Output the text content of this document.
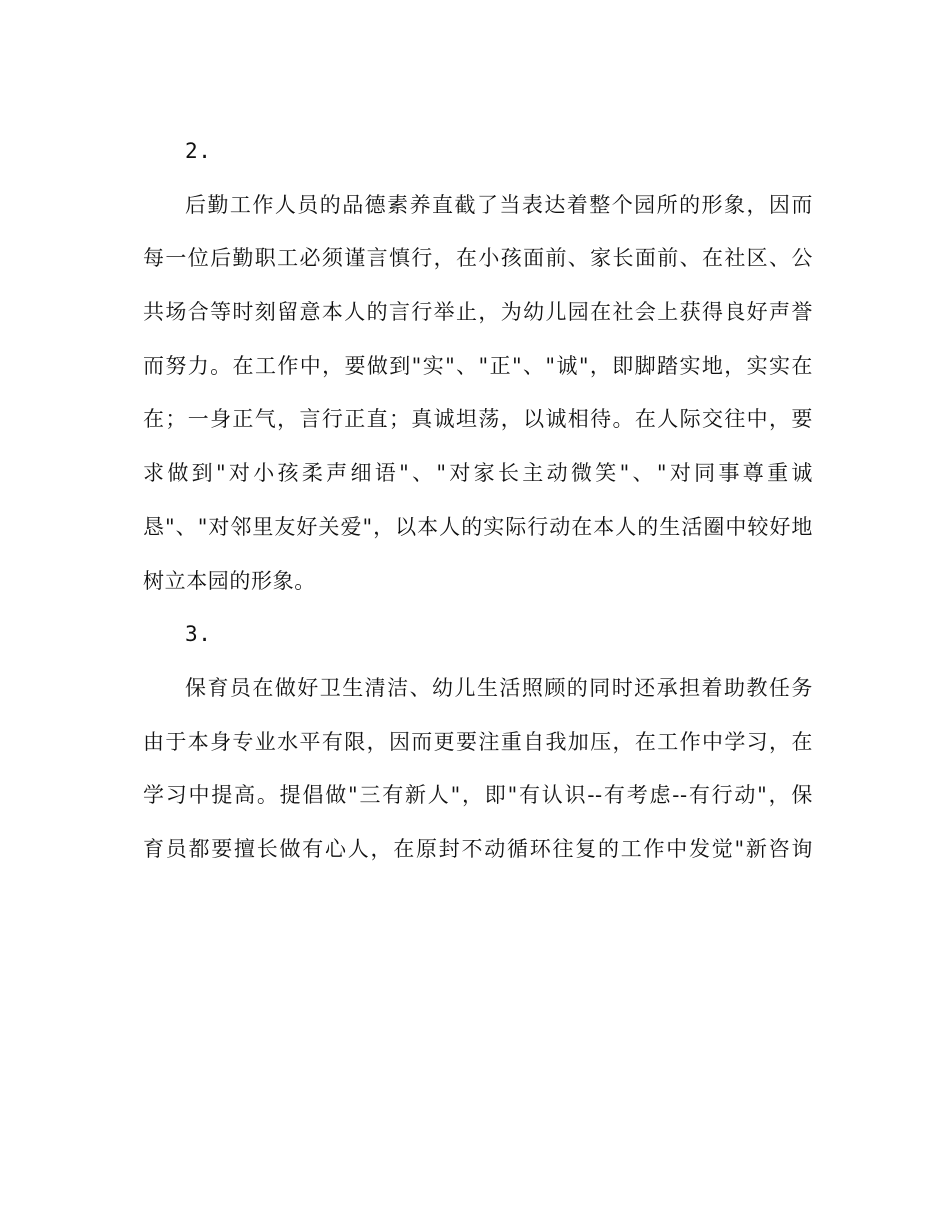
2.
后勤工作人员的品德素养直截了当表达着整个园所的形象，因而
每一位后勤职工必须谨言慎行，在小孩面前、家长面前、在社区、公
共场合等时刻留意本人的言行举止，为幼儿园在社会上获得良好声誉
而努力。在工作中，要做到"实"、"正"、"诚"，即脚踏实地，实实在
在；一身正气，言行正直；真诚坦荡，以诚相待。在人际交往中，要
求做到"对小孩柔声细语"、"对家长主动微笑"、"对同事尊重诚
恳"、"对邻里友好关爱"，以本人的实际行动在本人的生活圈中较好地
树立本园的形象。
3.
保育员在做好卫生清洁、幼儿生活照顾的同时还承担着助教任务
由于本身专业水平有限，因而更要注重自我加压，在工作中学习，在
学习中提高。提倡做"三有新人"，即"有认识--有考虑--有行动"，保
育员都要擅长做有心人，在原封不动循环往复的工作中发觉"新咨询
